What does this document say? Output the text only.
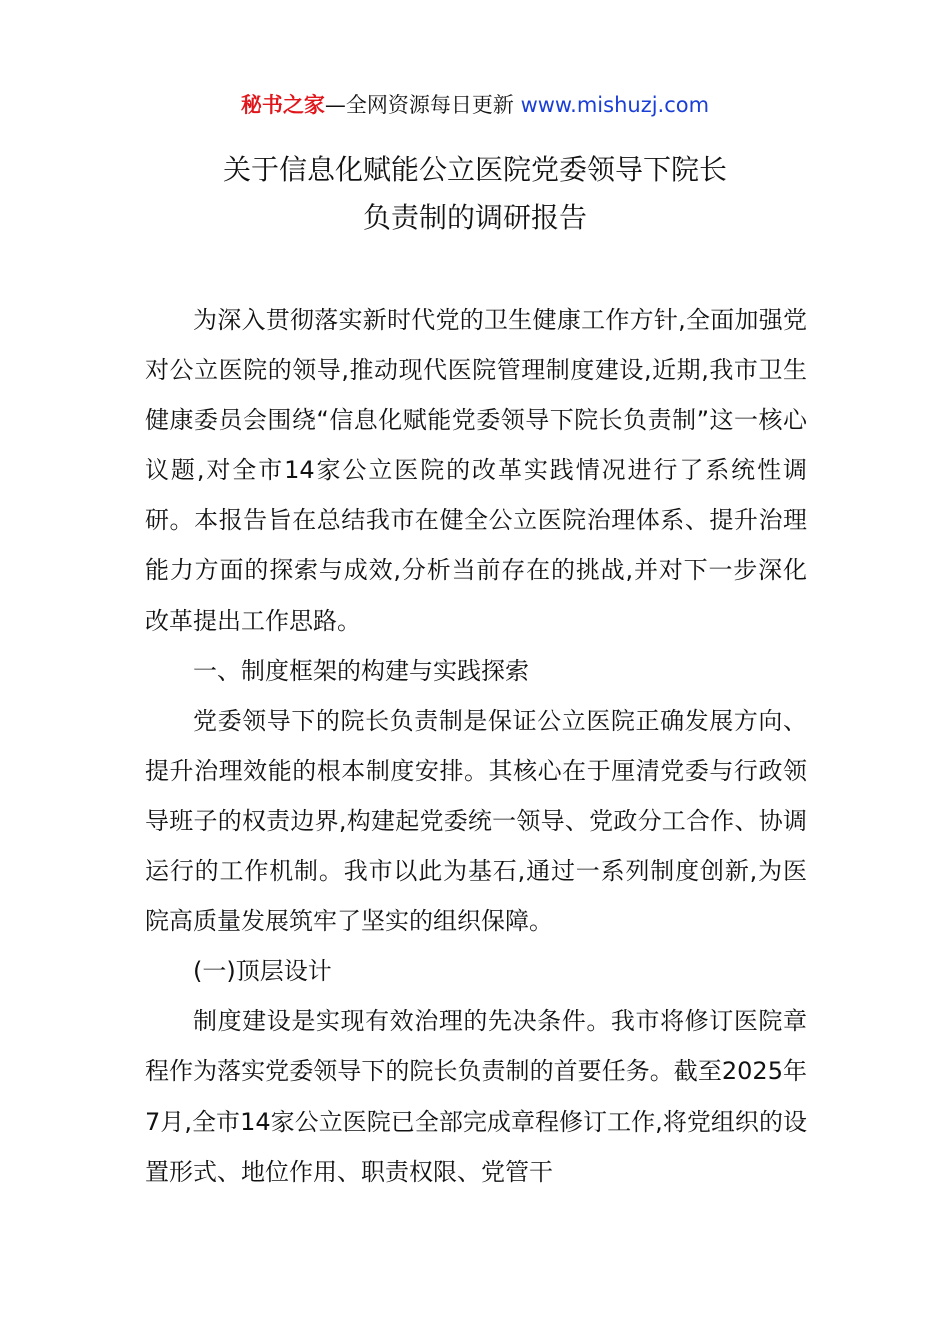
秘书之家—全网资源每日更新 www.mishuzj.com
关于信息化赋能公立医院党委领导下院长
负责制的调研报告

为深入贯彻落实新时代党的卫生健康工作方针,全面加强党对公立医院的领导,推动现代医院管理制度建设,近期,我市卫生健康委员会围绕“信息化赋能党委领导下院长负责制”这一核心议题,对全市14家公立医院的改革实践情况进行了系统性调研。本报告旨在总结我市在健全公立医院治理体系、提升治理能力方面的探索与成效,分析当前存在的挑战,并对下一步深化改革提出工作思路。

一、制度框架的构建与实践探索

党委领导下的院长负责制是保证公立医院正确发展方向、提升治理效能的根本制度安排。其核心在于厘清党委与行政领导班子的权责边界,构建起党委统一领导、党政分工合作、协调运行的工作机制。我市以此为基石,通过一系列制度创新,为医院高质量发展筑牢了坚实的组织保障。

(一)顶层设计

制度建设是实现有效治理的先决条件。我市将修订医院章程作为落实党委领导下的院长负责制的首要任务。截至2025年7月,全市14家公立医院已全部完成章程修订工作,将党组织的设置形式、地位作用、职责权限、党管干
